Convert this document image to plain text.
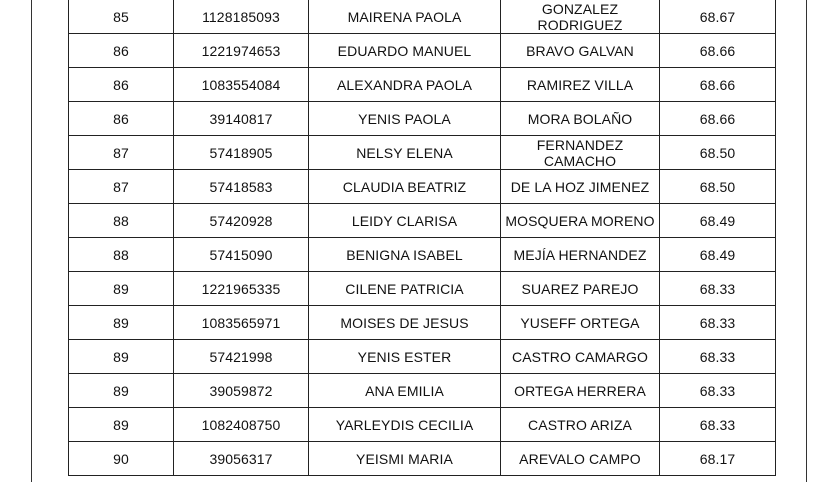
85	1128185093	MAIRENA PAOLA	GONZALEZ RODRIGUEZ	68.67
86	1221974653	EDUARDO MANUEL	BRAVO GALVAN	68.66
86	1083554084	ALEXANDRA PAOLA	RAMIREZ VILLA	68.66
86	39140817	YENIS PAOLA	MORA BOLAÑO	68.66
87	57418905	NELSY ELENA	FERNANDEZ CAMACHO	68.50
87	57418583	CLAUDIA BEATRIZ	DE LA HOZ JIMENEZ	68.50
88	57420928	LEIDY CLARISA	MOSQUERA MORENO	68.49
88	57415090	BENIGNA ISABEL	MEJÍA HERNANDEZ	68.49
89	1221965335	CILENE PATRICIA	SUAREZ PAREJO	68.33
89	1083565971	MOISES DE JESUS	YUSEFF ORTEGA	68.33
89	57421998	YENIS ESTER	CASTRO CAMARGO	68.33
89	39059872	ANA EMILIA	ORTEGA HERRERA	68.33
89	1082408750	YARLEYDIS CECILIA	CASTRO ARIZA	68.33
90	39056317	YEISMI MARIA	AREVALO CAMPO	68.17
